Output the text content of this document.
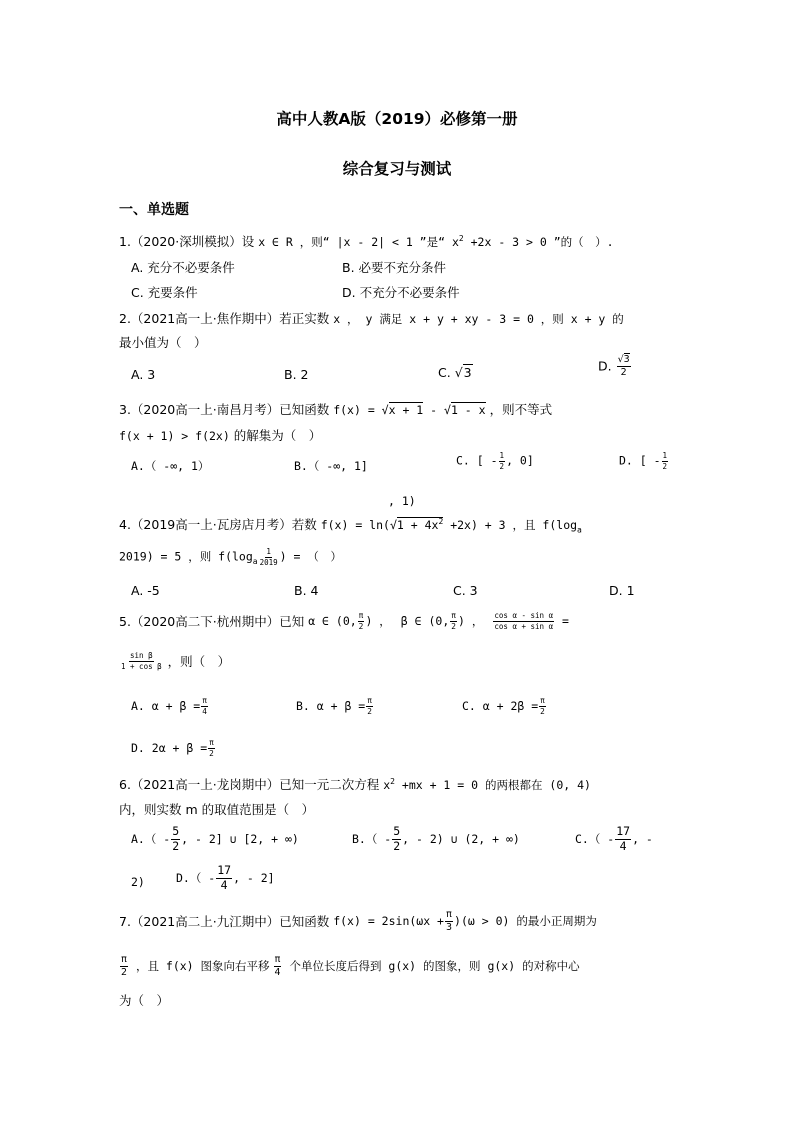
高中人教A版（2019）必修第一册
综合复习与测试
一、单选题
1.（2020·深圳模拟）设 x ∈ R ，则“ |x - 2| < 1 ”是“ $x^2 +2x - 3 > 0$ ”的（　）.
A. 充分不必要条件	B. 必要不充分条件
C. 充要条件	D. 不充分不必要条件
2.（2021高一上·焦作期中）若正实数 x ， y 满足 x + y + xy - 3 = 0 ，则 x + y 的
最小值为（　）
A. 3	B. 2	C. √3	D. $\frac{√3}{2}$
3.（2020高一上·南昌月考）已知函数 f(x) = √x + 1 - √1 - x ，则不等式
f(x + 1) > f(2x) 的解集为（　）
A.（ -∞, 1）	B.（ -∞, 1]	C. [ - $\frac{1}{2}$ , 0]	D. [ - $\frac{1}{2}$
, 1)
4.（2019高一上·瓦房店月考）若数 $f(x) = \ln(√1 + 4x^2 +2x) + 3$ ，且 $f(\log_a$
2019) = 5 ，则 $f(\log_a \frac{1}{2019}$ ) = （　）
A. -5	B. 4	C. 3	D. 1
5.（2020高二下·杭州期中）已知 α ∈ (0, $\frac{\pi}{2}$ ) ， β ∈ (0, $\frac{\pi}{2}$ ) ， $\frac{\text{cos α - sin α}}{\text{cos α + sin α}}$ =
$\frac{\text{sin β}}{\text{1 + cos β}}$ ，则（　）
A. $\alpha + \beta = \frac{\pi}{4}$	B. $\alpha + \beta = \frac{\pi}{2}$	C. $\alpha + 2\beta = \frac{\pi}{2}$
D. $2\alpha + \beta = \frac{\pi}{2}$
6.（2021高一上·龙岗期中）已知一元二次方程 $x^2 +mx + 1 = 0$ 的两根都在 (0, 4)
内，则实数 m 的取值范围是（　）
$A.( - \frac{5}{2}$ , - 2] ∪ [2, + ∞)	$B.( - \frac{5}{2}$ , - 2) ∪ (2, + ∞)	$C.( - \frac{17}{4}$ , -
2)	$D.( - \frac{17}{4}$ , - 2]
7.（2021高二上·九江期中）已知函数 $f(x) = 2\sin(\omega x + \frac{\pi}{3} )(\omega > 0)$ 的最小正周期为
$\frac{\pi}{2}$ ，且 f(x) 图象向右平移 $\frac{\pi}{4}$ 个单位长度后得到 g(x) 的图象，则 g(x) 的对称中心
为（　）
